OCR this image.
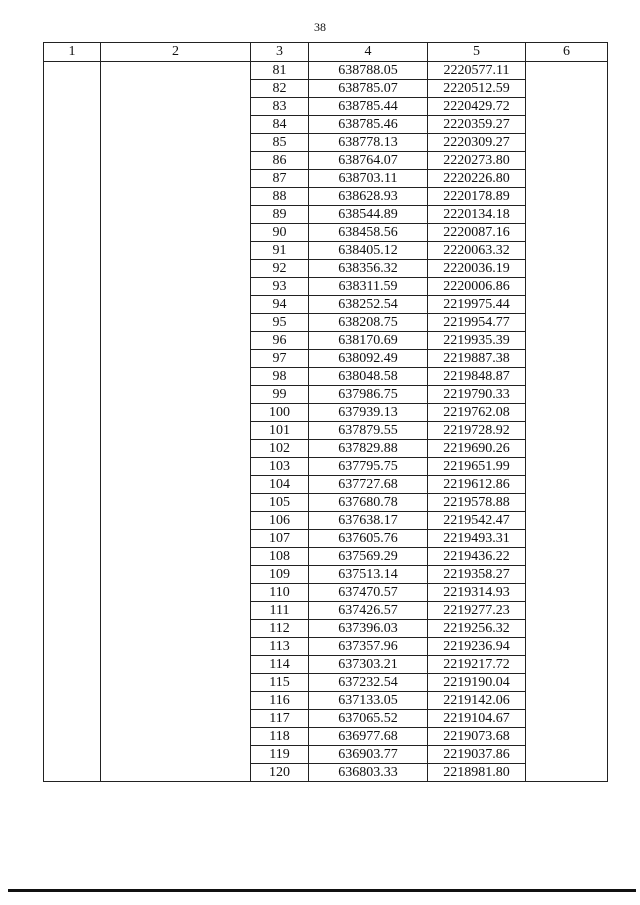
38
1	2	3	4	5	6
		81	638788.05	2220577.11	
		82	638785.07	2220512.59	
		83	638785.44	2220429.72	
		84	638785.46	2220359.27	
		85	638778.13	2220309.27	
		86	638764.07	2220273.80	
		87	638703.11	2220226.80	
		88	638628.93	2220178.89	
		89	638544.89	2220134.18	
		90	638458.56	2220087.16	
		91	638405.12	2220063.32	
		92	638356.32	2220036.19	
		93	638311.59	2220006.86	
		94	638252.54	2219975.44	
		95	638208.75	2219954.77	
		96	638170.69	2219935.39	
		97	638092.49	2219887.38	
		98	638048.58	2219848.87	
		99	637986.75	2219790.33	
		100	637939.13	2219762.08	
		101	637879.55	2219728.92	
		102	637829.88	2219690.26	
		103	637795.75	2219651.99	
		104	637727.68	2219612.86	
		105	637680.78	2219578.88	
		106	637638.17	2219542.47	
		107	637605.76	2219493.31	
		108	637569.29	2219436.22	
		109	637513.14	2219358.27	
		110	637470.57	2219314.93	
		111	637426.57	2219277.23	
		112	637396.03	2219256.32	
		113	637357.96	2219236.94	
		114	637303.21	2219217.72	
		115	637232.54	2219190.04	
		116	637133.05	2219142.06	
		117	637065.52	2219104.67	
		118	636977.68	2219073.68	
		119	636903.77	2219037.86	
		120	636803.33	2218981.80	
